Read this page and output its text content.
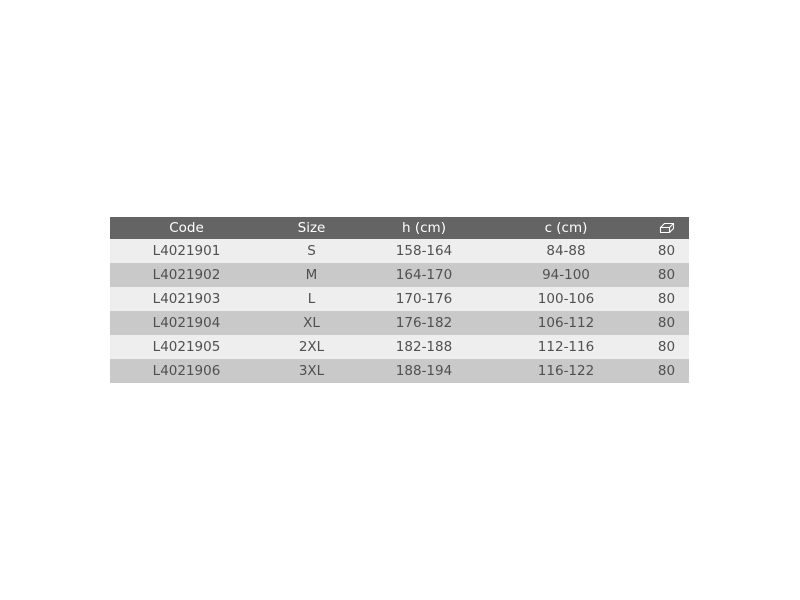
Code	Size	h (cm)	c (cm)	
L4021901	S	158-164	84-88	80
L4021902	M	164-170	94-100	80
L4021903	L	170-176	100-106	80
L4021904	XL	176-182	106-112	80
L4021905	2XL	182-188	112-116	80
L4021906	3XL	188-194	116-122	80
